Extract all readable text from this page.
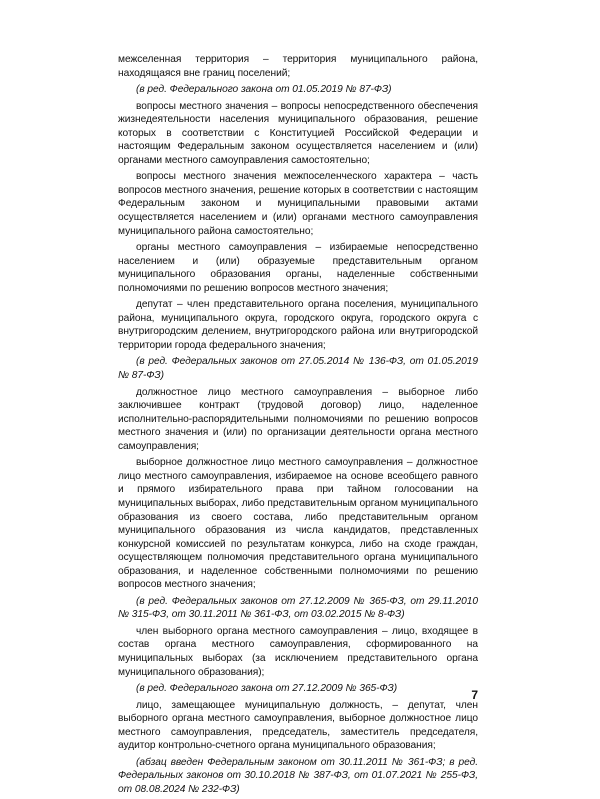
межселенная территория – территория муниципального района, находящаяся вне границ поселений;

(в ред. Федерального закона от 01.05.2019 № 87-ФЗ)

вопросы местного значения – вопросы непосредственного обеспечения жизнедеятельности населения муниципального образования, решение которых в соответствии с Конституцией Российской Федерации и настоящим Федеральным законом осуществляется населением и (или) органами местного самоуправления самостоятельно;

вопросы местного значения межпоселенческого характера – часть вопросов местного значения, решение которых в соответствии с настоящим Федеральным законом и муниципальными правовыми актами осуществляется населением и (или) органами местного самоуправления муниципального района самостоятельно;

органы местного самоуправления – избираемые непосредственно населением и (или) образуемые представительным органом муниципального образования органы, наделенные собственными полномочиями по решению вопросов местного значения;

депутат – член представительного органа поселения, муниципального района, муниципального округа, городского округа, городского округа с внутригородским делением, внутригородского района или внутригородской территории города федерального значения;

(в ред. Федеральных законов от 27.05.2014 № 136-ФЗ, от 01.05.2019 № 87-ФЗ)

должностное лицо местного самоуправления – выборное либо заключившее контракт (трудовой договор) лицо, наделенное исполнительно-распорядительными полномочиями по решению вопросов местного значения и (или) по организации деятельности органа местного самоуправления;

выборное должностное лицо местного самоуправления – должностное лицо местного самоуправления, избираемое на основе всеобщего равного и прямого избирательного права при тайном голосовании на муниципальных выборах, либо представительным органом муниципального образования из своего состава, либо представительным органом муниципального образования из числа кандидатов, представленных конкурсной комиссией по результатам конкурса, либо на сходе граждан, осуществляющем полномочия представительного органа муниципального образования, и наделенное собственными полномочиями по решению вопросов местного значения;

(в ред. Федеральных законов от 27.12.2009 № 365-ФЗ, от 29.11.2010 № 315-ФЗ, от 30.11.2011 № 361-ФЗ, от 03.02.2015 № 8-ФЗ)

член выборного органа местного самоуправления – лицо, входящее в состав органа местного самоуправления, сформированного на муниципальных выборах (за исключением представительного органа муниципального образования);

(в ред. Федерального закона от 27.12.2009 № 365-ФЗ)

лицо, замещающее муниципальную должность, – депутат, член выборного органа местного самоуправления, выборное должностное лицо местного самоуправления, председатель, заместитель председателя, аудитор контрольно-счетного органа муниципального образования;

(абзац введен Федеральным законом от 30.11.2011 № 361-ФЗ; в ред. Федеральных законов от 30.10.2018 № 387-ФЗ, от 01.07.2021 № 255-ФЗ, от 08.08.2024 № 232-ФЗ)

7
